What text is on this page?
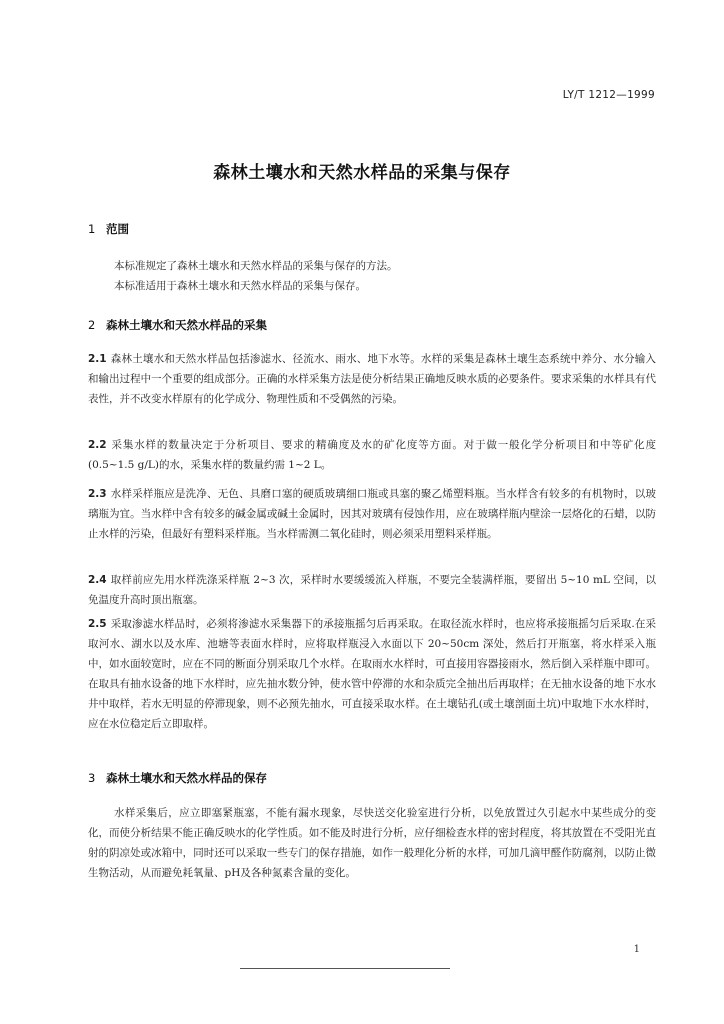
LY/T 1212—1999
森林土壤水和天然水样品的采集与保存
1 范围

本标准规定了森林土壤水和天然水样品的采集与保存的方法。

本标准适用于森林土壤水和天然水样品的采集与保存。

2 森林土壤水和天然水样品的采集

2.1 森林土壤水和天然水样品包括渗滤水、径流水、雨水、地下水等。水样的采集是森林土壤生态系统中养分、水分输入和输出过程中一个重要的组成部分。正确的水样采集方法是使分析结果正确地反映水质的必要条件。要求采集的水样具有代表性，并不改变水样原有的化学成分、物理性质和不受偶然的污染。

2.2 采集水样的数量决定于分析项目、要求的精确度及水的矿化度等方面。对于做一般化学分析项目和中等矿化度(0.5~1.5 g/L)的水，采集水样的数量约需 1~2 L。

2.3 水样采样瓶应是洗净、无色、具磨口塞的硬质玻璃细口瓶或具塞的聚乙烯塑料瓶。当水样含有较多的有机物时，以玻璃瓶为宜。当水样中含有较多的碱金属或碱土金属时，因其对玻璃有侵蚀作用，应在玻璃样瓶内壁涂一层烙化的石蜡，以防止水样的污染，但最好有塑料采样瓶。当水样需测二氧化硅时，则必须采用塑料采样瓶。

2.4 取样前应先用水样洗涤采样瓶 2~3 次，采样时水要缓缓流入样瓶，不要完全装满样瓶，要留出 5~10 mL 空间，以免温度升高时顶出瓶塞。

2.5 采取渗滤水样品时，必须将渗滤水采集器下的承接瓶摇匀后再采取。在取径流水样时，也应将承接瓶摇匀后采取.在采取河水、湖水以及水库、池塘等表面水样时，应将取样瓶浸入水面以下 20~50cm 深处，然后打开瓶塞，将水样采入瓶中，如水面较宽时，应在不同的断面分别采取几个水样。在取雨水水样时，可直接用容器接雨水，然后倒入采样瓶中即可。在取具有抽水设备的地下水样时，应先抽水数分钟，使水管中停滞的水和杂质完全抽出后再取样；在无抽水设备的地下水水井中取样，若水无明显的停滞现象，则不必预先抽水，可直接采取水样。在土壤钻孔(或土壤剖面土坑)中取地下水水样时，应在水位稳定后立即取样。

3 森林土壤水和天然水样品的保存

水样采集后，应立即塞紧瓶塞，不能有漏水现象，尽快送交化验室进行分析，以免放置过久引起水中某些成分的变化，而使分析结果不能正确反映水的化学性质。如不能及时进行分析，应仔细检查水样的密封程度，将其放置在不受阳光直射的阴凉处或冰箱中，同时还可以采取一些专门的保存措施，如作一般理化分析的水样，可加几滴甲醛作防腐剂，以防止微生物活动，从而避免耗氧量、pH及各种氮素含量的变化。

1
